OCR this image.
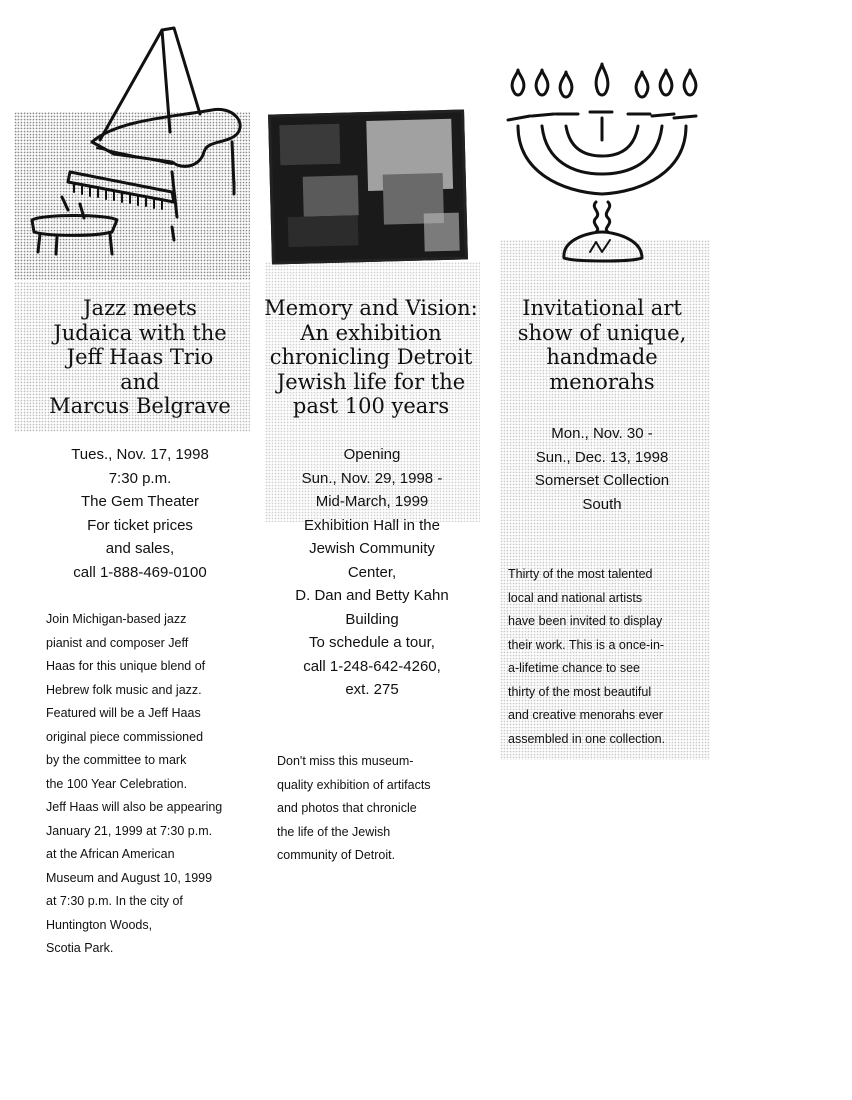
Jazz meets
Judaica with the
Jeff Haas Trio
and
Marcus Belgrave
Tues., Nov. 17, 1998
7:30 p.m.
The Gem Theater
For ticket prices
and sales,
call 1-888-469-0100
Join Michigan-based jazz
pianist and composer Jeff
Haas for this unique blend of
Hebrew folk music and jazz.
Featured will be a Jeff Haas
original piece commissioned
by the committee to mark
the 100 Year Celebration.
Jeff Haas will also be appearing
January 21, 1999 at 7:30 p.m.
at the African American
Museum and August 10, 1999
at 7:30 p.m. In the city of
Huntington Woods,
Scotia Park.
Memory and Vision:
An exhibition
chronicling Detroit
Jewish life for the
past 100 years
Opening
Sun., Nov. 29, 1998 -
Mid-March, 1999
Exhibition Hall in the
Jewish Community
Center,
D. Dan and Betty Kahn
Building
To schedule a tour,
call 1-248-642-4260,
ext. 275
Don't miss this museum-
quality exhibition of artifacts
and photos that chronicle
the life of the Jewish
community of Detroit.
Invitational art
show of unique,
handmade
menorahs
Mon., Nov. 30 -
Sun., Dec. 13, 1998
Somerset Collection
South
Thirty of the most talented
local and national artists
have been invited to display
their work. This is a once-in-
a-lifetime chance to see
thirty of the most beautiful
and creative menorahs ever
assembled in one collection.
